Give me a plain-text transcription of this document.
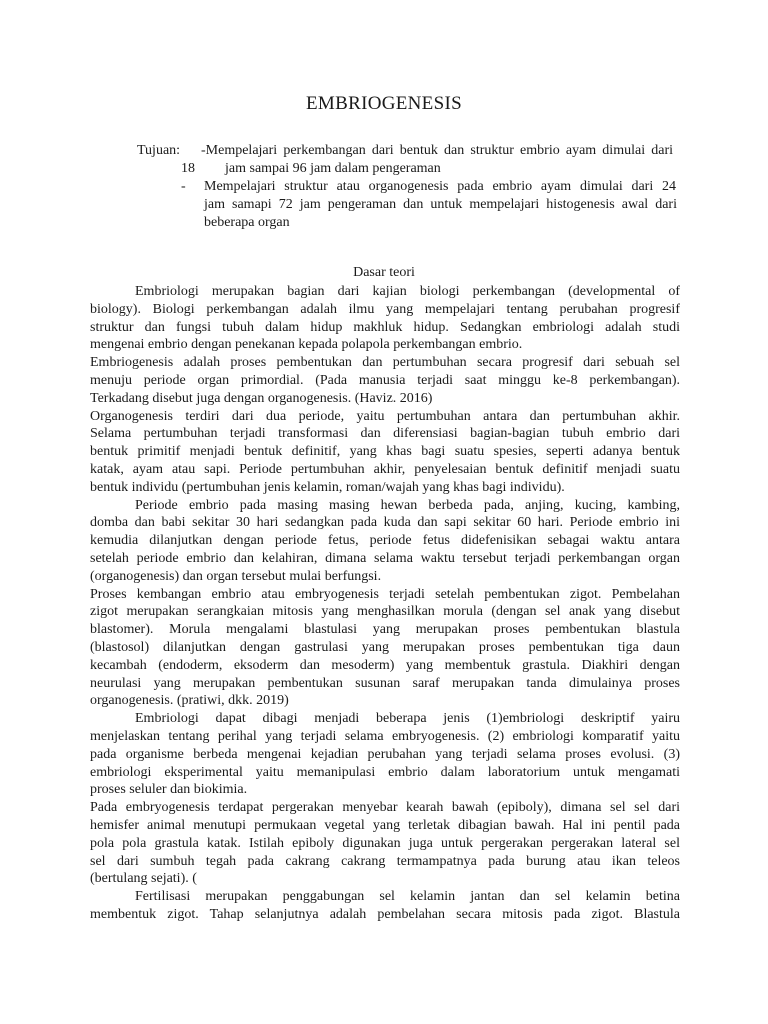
EMBRIOGENESIS
Tujuan: -Mempelajari perkembangan dari bentuk dan struktur embrio ayam dimulai dari
18 jam sampai 96 jam dalam pengeraman
- Mempelajari struktur atau organogenesis pada embrio ayam dimulai dari 24
jam samapi 72 jam pengeraman dan untuk mempelajari histogenesis awal dari
beberapa organ
Dasar teori

Embriologi merupakan bagian dari kajian biologi perkembangan (developmental of
biology). Biologi perkembangan adalah ilmu yang mempelajari tentang perubahan progresif
struktur dan fungsi tubuh dalam hidup makhluk hidup. Sedangkan embriologi adalah studi
mengenai embrio dengan penekanan kepada polapola perkembangan embrio.

Embriogenesis adalah proses pembentukan dan pertumbuhan secara progresif dari sebuah sel
menuju periode organ primordial. (Pada manusia terjadi saat minggu ke-8 perkembangan).
Terkadang disebut juga dengan organogenesis. (Haviz. 2016)

Organogenesis terdiri dari dua periode, yaitu pertumbuhan antara dan pertumbuhan akhir.
Selama pertumbuhan terjadi transformasi dan diferensiasi bagian-bagian tubuh embrio dari
bentuk primitif menjadi bentuk definitif, yang khas bagi suatu spesies, seperti adanya bentuk
katak, ayam atau sapi. Periode pertumbuhan akhir, penyelesaian bentuk definitif menjadi suatu
bentuk individu (pertumbuhan jenis kelamin, roman/wajah yang khas bagi individu).

Periode embrio pada masing masing hewan berbeda pada, anjing, kucing, kambing,
domba dan babi sekitar 30 hari sedangkan pada kuda dan sapi sekitar 60 hari. Periode embrio ini
kemudia dilanjutkan dengan periode fetus, periode fetus didefenisikan sebagai waktu antara
setelah periode embrio dan kelahiran, dimana selama waktu tersebut terjadi perkembangan organ
(organogenesis) dan organ tersebut mulai berfungsi.

Proses kembangan embrio atau embryogenesis terjadi setelah pembentukan zigot. Pembelahan
zigot merupakan serangkaian mitosis yang menghasilkan morula (dengan sel anak yang disebut
blastomer). Morula mengalami blastulasi yang merupakan proses pembentukan blastula
(blastosol) dilanjutkan dengan gastrulasi yang merupakan proses pembentukan tiga daun
kecambah (endoderm, eksoderm dan mesoderm) yang membentuk grastula. Diakhiri dengan
neurulasi yang merupakan pembentukan susunan saraf merupakan tanda dimulainya proses
organogenesis. (pratiwi, dkk. 2019)

Embriologi dapat dibagi menjadi beberapa jenis (1)embriologi deskriptif yairu
menjelaskan tentang perihal yang terjadi selama embryogenesis. (2) embriologi komparatif yaitu
pada organisme berbeda mengenai kejadian perubahan yang terjadi selama proses evolusi. (3)
embriologi eksperimental yaitu memanipulasi embrio dalam laboratorium untuk mengamati
proses seluler dan biokimia.

Pada embryogenesis terdapat pergerakan menyebar kearah bawah (epiboly), dimana sel sel dari
hemisfer animal menutupi permukaan vegetal yang terletak dibagian bawah. Hal ini pentil pada
pola pola grastula katak. Istilah epiboly digunakan juga untuk pergerakan pergerakan lateral sel
sel dari sumbuh tegah pada cakrang cakrang termampatnya pada burung atau ikan teleos
(bertulang sejati). (

Fertilisasi merupakan penggabungan sel kelamin jantan dan sel kelamin betina
membentuk zigot. Tahap selanjutnya adalah pembelahan secara mitosis pada zigot. Blastula
